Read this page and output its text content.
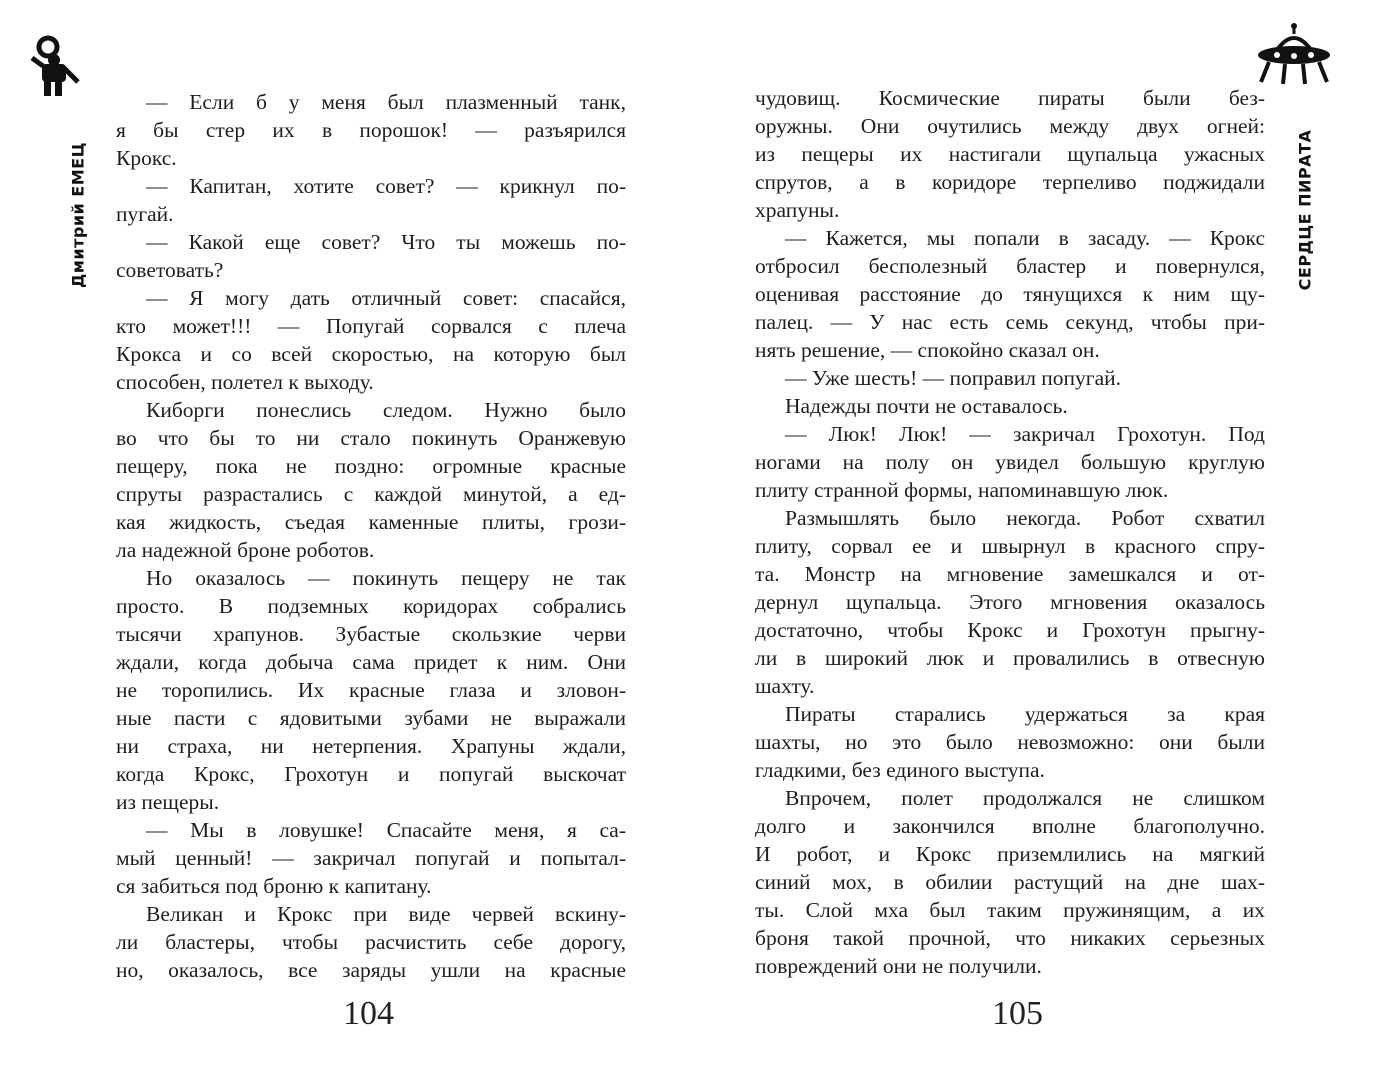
Дмитрий ЕМЕЦ
— Если б у меня был плазменный танк,
я бы стер их в порошок! — разъярился
Крокс.
— Капитан, хотите совет? — крикнул по-
пугай.
— Какой еще совет? Что ты можешь по-
советовать?
— Я могу дать отличный совет: спасайся,
кто может!!! — Попугай сорвался с плеча
Крокса и со всей скоростью, на которую был
способен, полетел к выходу.
Киборги понеслись следом. Нужно было
во что бы то ни стало покинуть Оранжевую
пещеру, пока не поздно: огромные красные
спруты разрастались с каждой минутой, а ед-
кая жидкость, съедая каменные плиты, грози-
ла надежной броне роботов.
Но оказалось — покинуть пещеру не так
просто. В подземных коридорах собрались
тысячи храпунов. Зубастые скользкие черви
ждали, когда добыча сама придет к ним. Они
не торопились. Их красные глаза и зловон-
ные пасти с ядовитыми зубами не выражали
ни страха, ни нетерпения. Храпуны ждали,
когда Крокс, Грохотун и попугай выскочат
из пещеры.
— Мы в ловушке! Спасайте меня, я са-
мый ценный! — закричал попугай и попытал-
ся забиться под броню к капитану.
Великан и Крокс при виде червей вскину-
ли бластеры, чтобы расчистить себе дорогу,
но, оказалось, все заряды ушли на красные
104
СЕРДЦЕ ПИРАТА
чудовищ. Космические пираты были без-
оружны. Они очутились между двух огней:
из пещеры их настигали щупальца ужасных
спрутов, а в коридоре терпеливо поджидали
храпуны.
— Кажется, мы попали в засаду. — Крокс
отбросил бесполезный бластер и повернулся,
оценивая расстояние до тянущихся к ним щу-
палец. — У нас есть семь секунд, чтобы при-
нять решение, — спокойно сказал он.
— Уже шесть! — поправил попугай.
Надежды почти не оставалось.
— Люк! Люк! — закричал Грохотун. Под
ногами на полу он увидел большую круглую
плиту странной формы, напоминавшую люк.
Размышлять было некогда. Робот схватил
плиту, сорвал ее и швырнул в красного спру-
та. Монстр на мгновение замешкался и от-
дернул щупальца. Этого мгновения оказалось
достаточно, чтобы Крокс и Грохотун прыгну-
ли в широкий люк и провалились в отвесную
шахту.
Пираты старались удержаться за края
шахты, но это было невозможно: они были
гладкими, без единого выступа.
Впрочем, полет продолжался не слишком
долго и закончился вполне благополучно.
И робот, и Крокс приземлились на мягкий
синий мох, в обилии растущий на дне шах-
ты. Слой мха был таким пружинящим, а их
броня такой прочной, что никаких серьезных
повреждений они не получили.
105
